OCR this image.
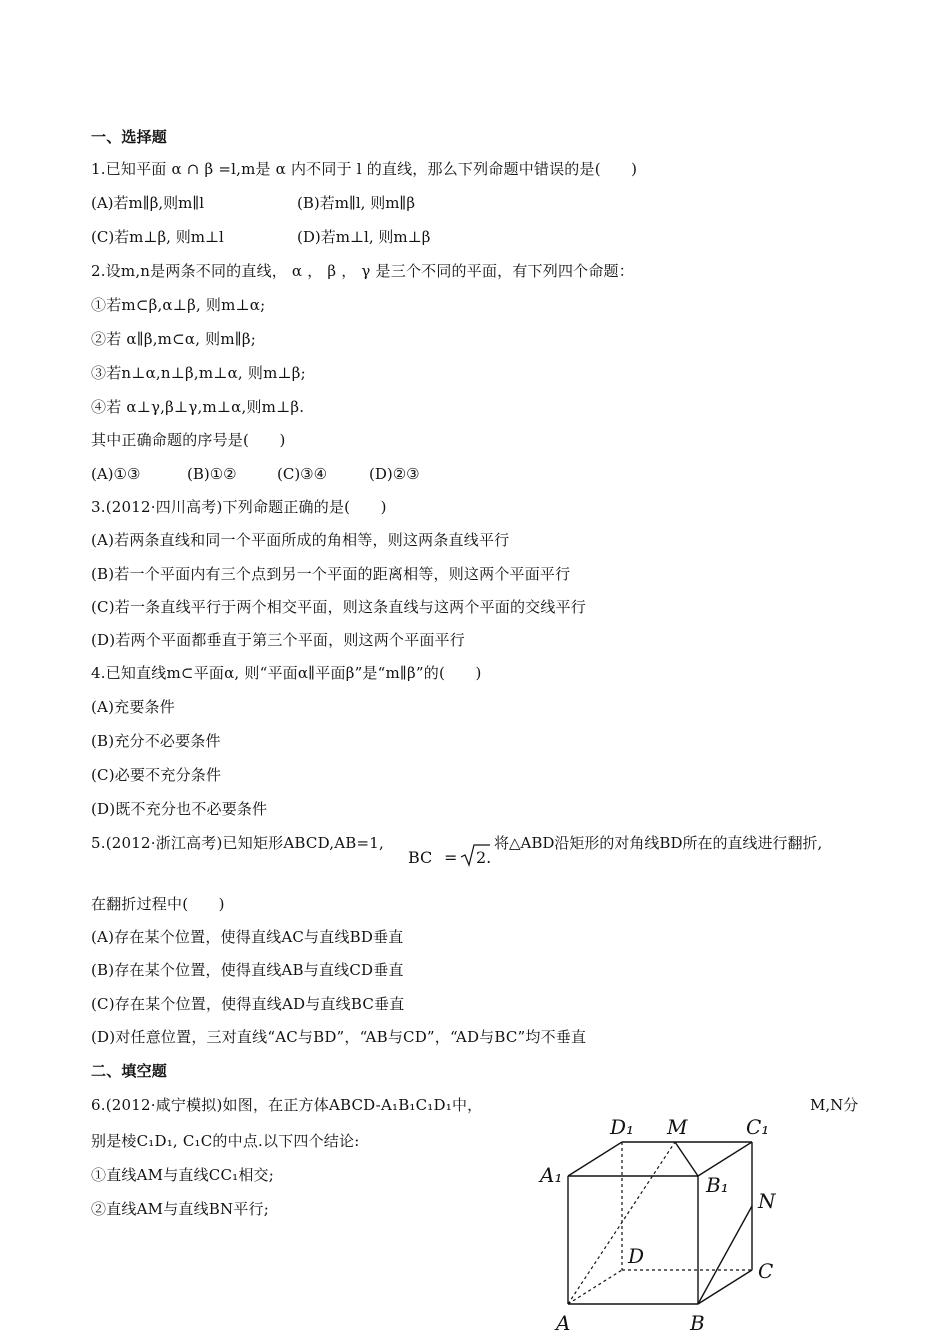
一、选择题
1.已知平面 α ∩ β =l,m是 α 内不同于 l 的直线，那么下列命题中错误的是(　　)
(A)若m∥β,则m∥l	(B)若m∥l, 则m∥β
(C)若m⊥β, 则m⊥l	(D)若m⊥l, 则m⊥β
2.设m,n是两条不同的直线， α ， β ， γ 是三个不同的平面，有下列四个命题：
①若m⊂β,α⊥β, 则m⊥α;
②若 α∥β,m⊂α, 则m∥β;
③若n⊥α,n⊥β,m⊥α, 则m⊥β;
④若 α⊥γ,β⊥γ,m⊥α,则m⊥β.
其中正确命题的序号是(　　)
(A)①③	(B)①②	(C)③④	(D)②③
3.(2012·四川高考)下列命题正确的是(　　)
(A)若两条直线和同一个平面所成的角相等，则这两条直线平行
(B)若一个平面内有三个点到另一个平面的距离相等，则这两个平面平行
(C)若一条直线平行于两个相交平面，则这条直线与这两个平面的交线平行
(D)若两个平面都垂直于第三个平面，则这两个平面平行
4.已知直线m⊂平面α, 则“平面α∥平面β”是“m∥β”的(　　)
(A)充要条件
(B)充分不必要条件
(C)必要不充分条件
(D)既不充分也不必要条件
5.(2012·浙江高考)已知矩形ABCD,AB=1,
BC = 2.
将△ABD沿矩形的对角线BD所在的直线进行翻折,
在翻折过程中(　　)
(A)存在某个位置，使得直线AC与直线BD垂直
(B)存在某个位置，使得直线AB与直线CD垂直
(C)存在某个位置，使得直线AD与直线BC垂直
(D)对任意位置，三对直线“AC与BD”，“AB与CD”，“AD与BC”均不垂直
二、填空题
6.(2012·咸宁模拟)如图，在正方体ABCD-A₁B₁C₁D₁中，	M,N分
别是棱C₁D₁, C₁C的中点.以下四个结论:
①直线AM与直线CC₁相交;
②直线AM与直线BN平行;
D₁ M	C₁
A₁	B₁
N
D
C
A	B
